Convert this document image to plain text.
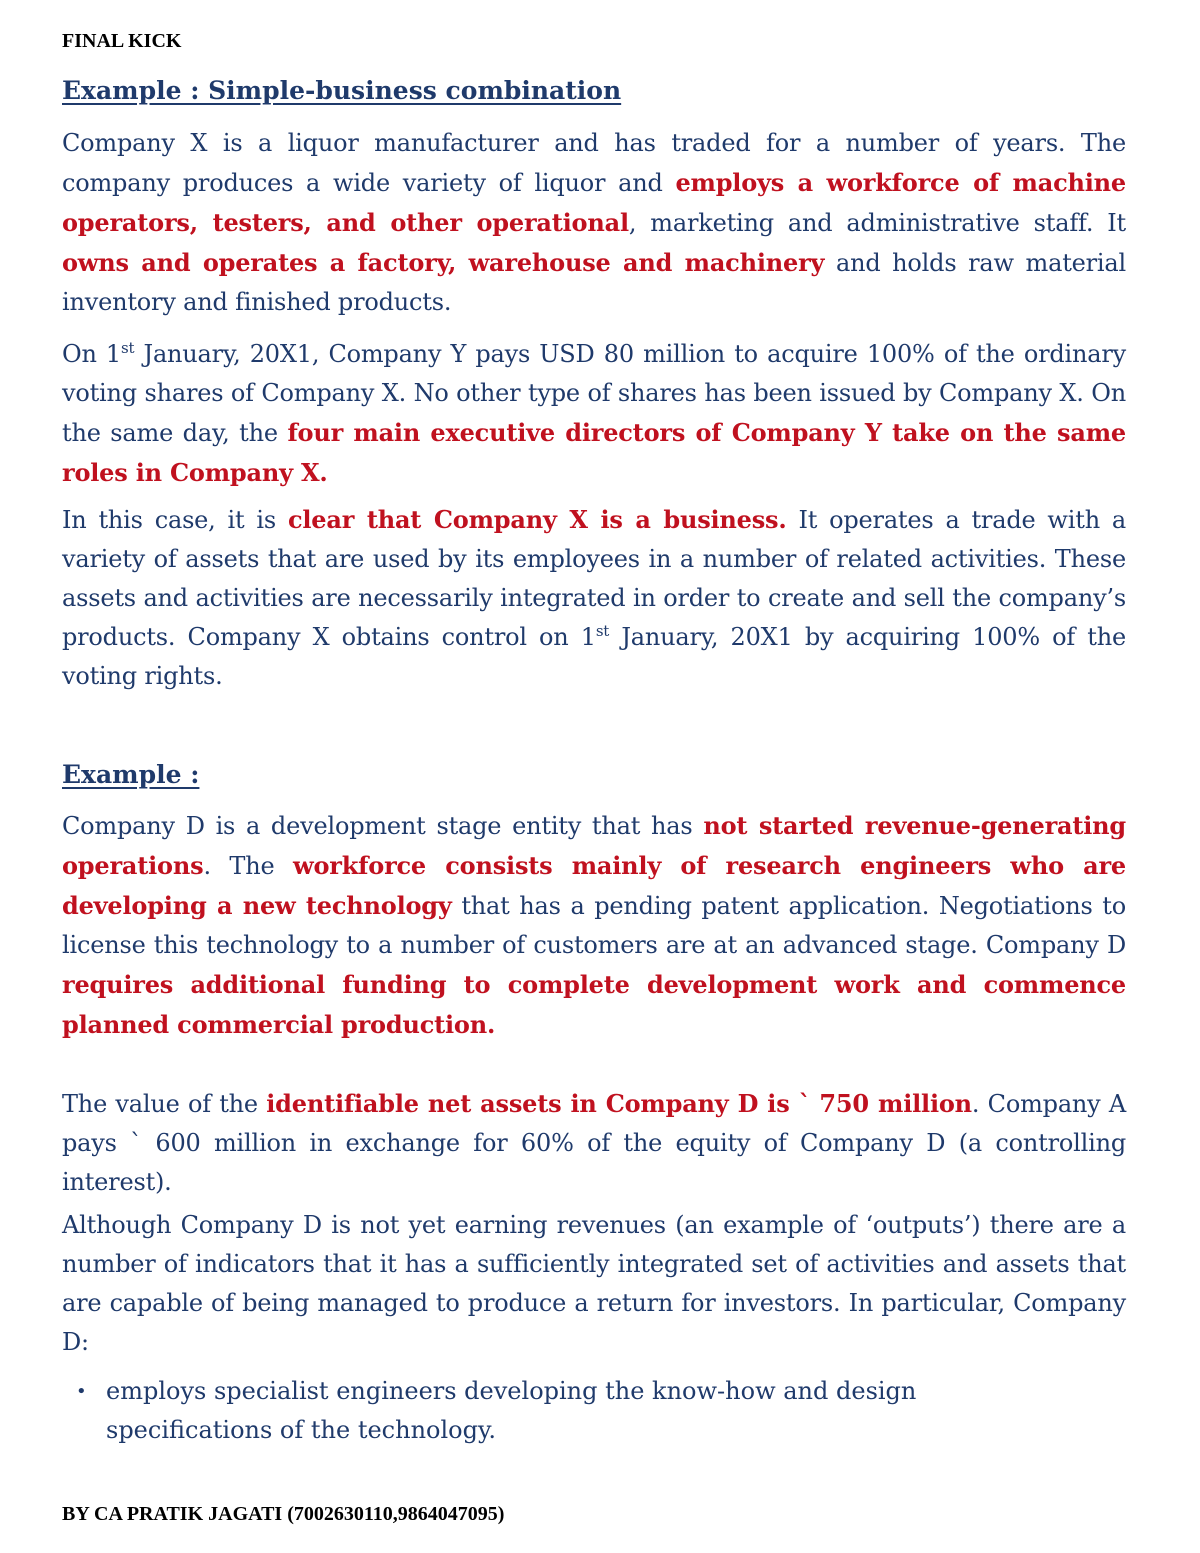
FINAL KICK
Example : Simple-business combination
Company X is a liquor manufacturer and has traded for a number of years. The company produces a wide variety of liquor and employs a workforce of machine operators, testers, and other operational, marketing and administrative staff. It owns and operates a factory, warehouse and machinery and holds raw material inventory and finished products.
On 1st January, 20X1, Company Y pays USD 80 million to acquire 100% of the ordinary voting shares of Company X. No other type of shares has been issued by Company X. On the same day, the four main executive directors of Company Y take on the same roles in Company X.
In this case, it is clear that Company X is a business. It operates a trade with a variety of assets that are used by its employees in a number of related activities. These assets and activities are necessarily integrated in order to create and sell the company’s products. Company X obtains control on 1st January, 20X1 by acquiring 100% of the voting rights.
Example :
Company D is a development stage entity that has not started revenue-generating operations. The workforce consists mainly of research engineers who are developing a new technology that has a pending patent application. Negotiations to license this technology to a number of customers are at an advanced stage. Company D requires additional funding to complete development work and commence planned commercial production.
The value of the identifiable net assets in Company D is ` 750 million. Company A pays ` 600 million in exchange for 60% of the equity of Company D (a controlling interest).
Although Company D is not yet earning revenues (an example of ‘outputs’) there are a number of indicators that it has a sufficiently integrated set of activities and assets that are capable of being managed to produce a return for investors. In particular, Company D:
• employs specialist engineers developing the know-how and design specifications of the technology.
BY CA PRATIK JAGATI (7002630110,9864047095)
